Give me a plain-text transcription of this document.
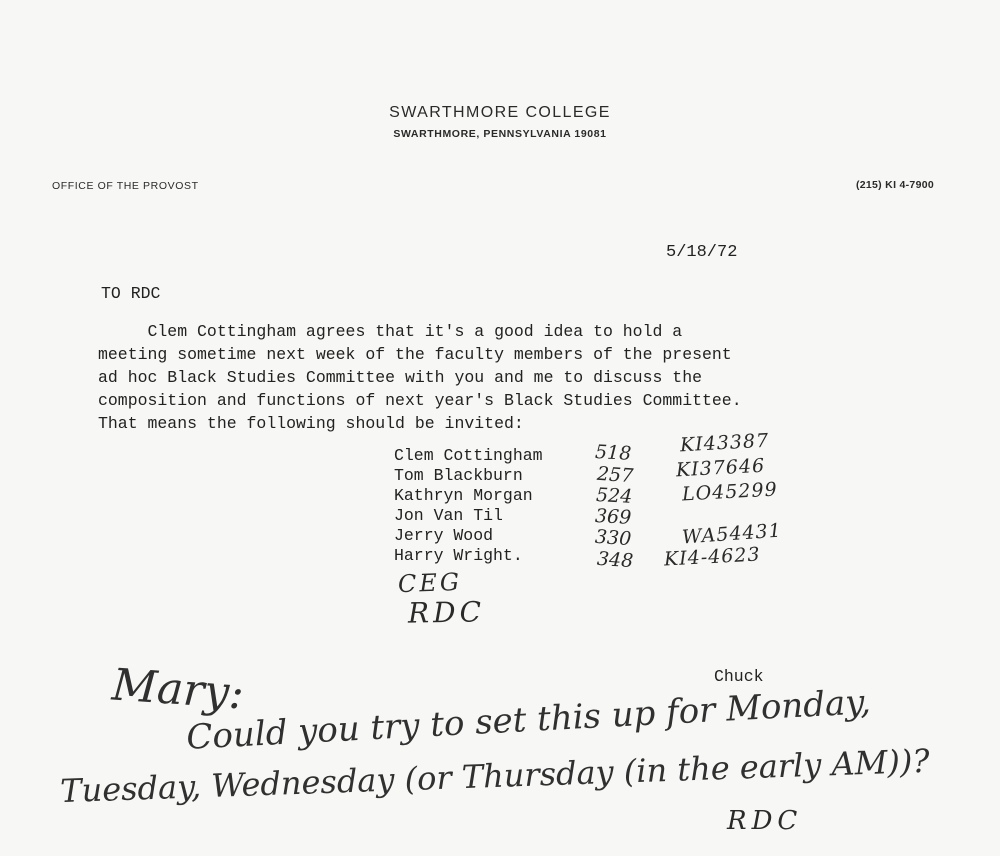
SWARTHMORE COLLEGE
SWARTHMORE, PENNSYLVANIA 19081
OFFICE OF THE PROVOST	(215) KI 4-7900
5/18/72
TO RDC
Clem Cottingham agrees that it's a good idea to hold a
meeting sometime next week of the faculty members of the present
ad hoc Black Studies Committee with you and me to discuss the
composition and functions of next year's Black Studies Committee.
That means the following should be invited:
Clem Cottingham
Tom Blackburn
Kathryn Morgan
Jon Van Til
Jerry Wood
Harry Wright.
518
257
524
369
330
348
KI43387
KI37646
LO45299
WA54431
KI4-4623
CEG
RDC
Chuck
Mary:
Could you try to set this up for Monday,
Tuesday, Wednesday (or Thursday (in the early AM))?
RDC
